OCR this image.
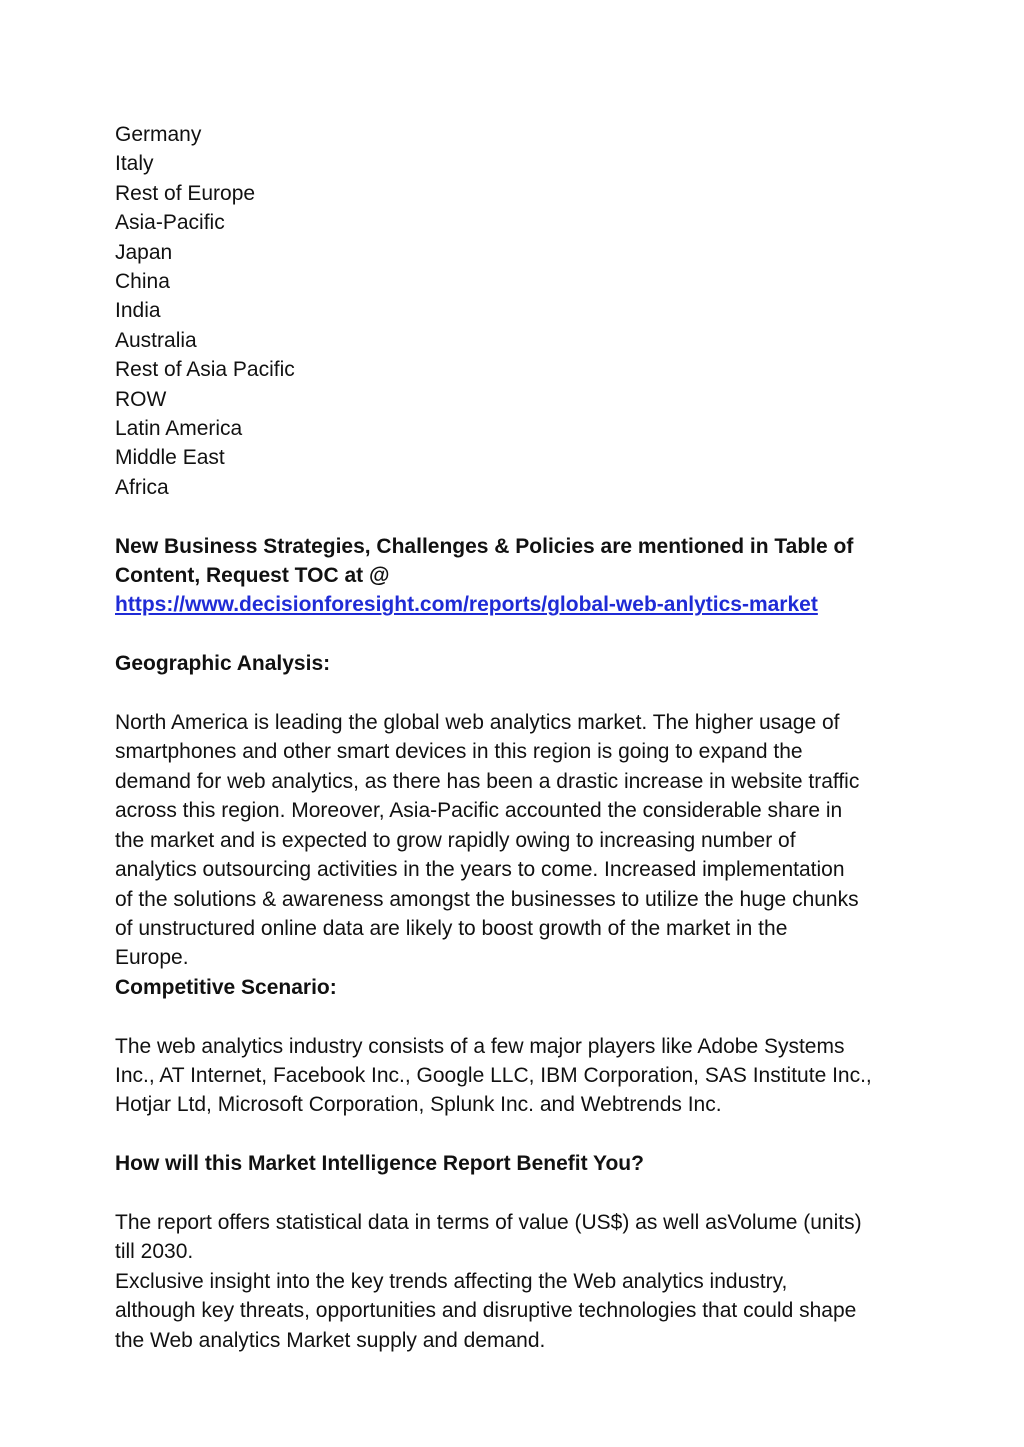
Germany
Italy
Rest of Europe
Asia-Pacific
Japan
China
India
Australia
Rest of Asia Pacific
ROW
Latin America
Middle East
Africa
New Business Strategies, Challenges & Policies are mentioned in Table of
Content, Request TOC at @
https://www.decisionforesight.com/reports/global-web-anlytics-market
Geographic Analysis:
North America is leading the global web analytics market. The higher usage of
smartphones and other smart devices in this region is going to expand the
demand for web analytics, as there has been a drastic increase in website traffic
across this region. Moreover, Asia-Pacific accounted the considerable share in
the market and is expected to grow rapidly owing to increasing number of
analytics outsourcing activities in the years to come. Increased implementation
of the solutions & awareness amongst the businesses to utilize the huge chunks
of unstructured online data are likely to boost growth of the market in the
Europe.
Competitive Scenario:
The web analytics industry consists of a few major players like Adobe Systems
Inc., AT Internet, Facebook Inc., Google LLC, IBM Corporation, SAS Institute Inc.,
Hotjar Ltd, Microsoft Corporation, Splunk Inc. and Webtrends Inc.
How will this Market Intelligence Report Benefit You?
The report offers statistical data in terms of value (US$) as well asVolume (units)
till 2030.
Exclusive insight into the key trends affecting the Web analytics industry,
although key threats, opportunities and disruptive technologies that could shape
the Web analytics Market supply and demand.
